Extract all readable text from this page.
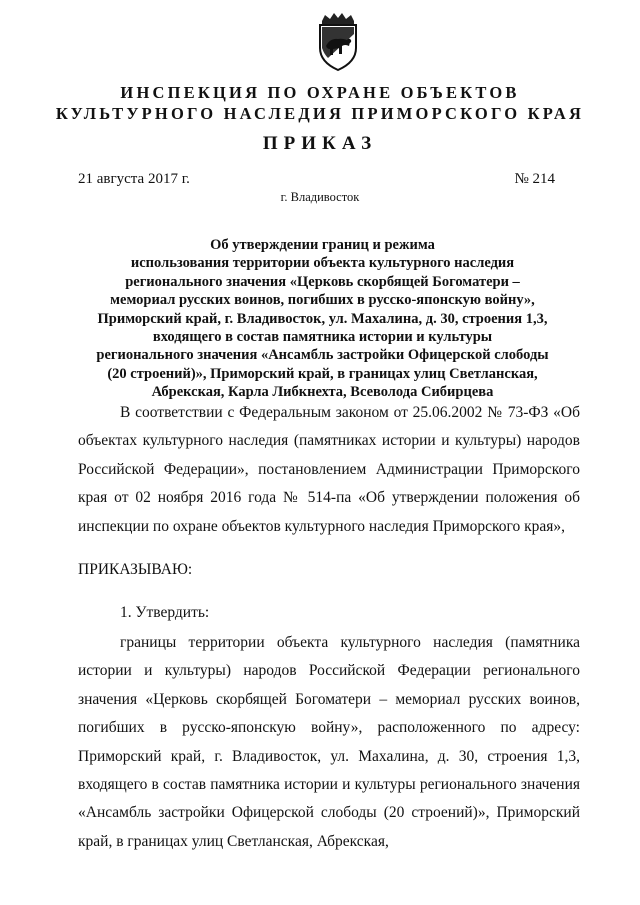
ИНСПЕКЦИЯ ПО ОХРАНЕ ОБЪЕКТОВ
КУЛЬТУРНОГО НАСЛЕДИЯ ПРИМОРСКОГО КРАЯ
ПРИКАЗ
21 августа 2017 г.	№ 214
г. Владивосток
Об утверждении границ и режима
использования территории объекта культурного наследия
регионального значения «Церковь скорбящей Богоматери –
мемориал русских воинов, погибших в русско-японскую войну»,
Приморский край, г. Владивосток, ул. Махалина, д. 30, строения 1,3,
входящего в состав памятника истории и культуры
регионального значения «Ансамбль застройки Офицерской слободы
(20 строений)», Приморский край, в границах улиц Светланская,
Абрекская, Карла Либкнехта, Всеволода Сибирцева
В соответствии с Федеральным законом от 25.06.2002 № 73-ФЗ «Об объектах культурного наследия (памятниках истории и культуры) народов Российской Федерации», постановлением Администрации Приморского края от 02 ноября 2016 года № 514-па «Об утверждении положения об инспекции по охране объектов культурного наследия Приморского края»,
ПРИКАЗЫВАЮ:
1. Утвердить:
границы территории объекта культурного наследия (памятника истории и культуры) народов Российской Федерации регионального значения «Церковь скорбящей Богоматери – мемориал русских воинов, погибших в русско-японскую войну», расположенного по адресу: Приморский край, г. Владивосток, ул. Махалина, д. 30, строения 1,3, входящего в состав памятника истории и культуры регионального значения «Ансамбль застройки Офицерской слободы (20 строений)», Приморский край, в границах улиц Светланская, Абрекская,
